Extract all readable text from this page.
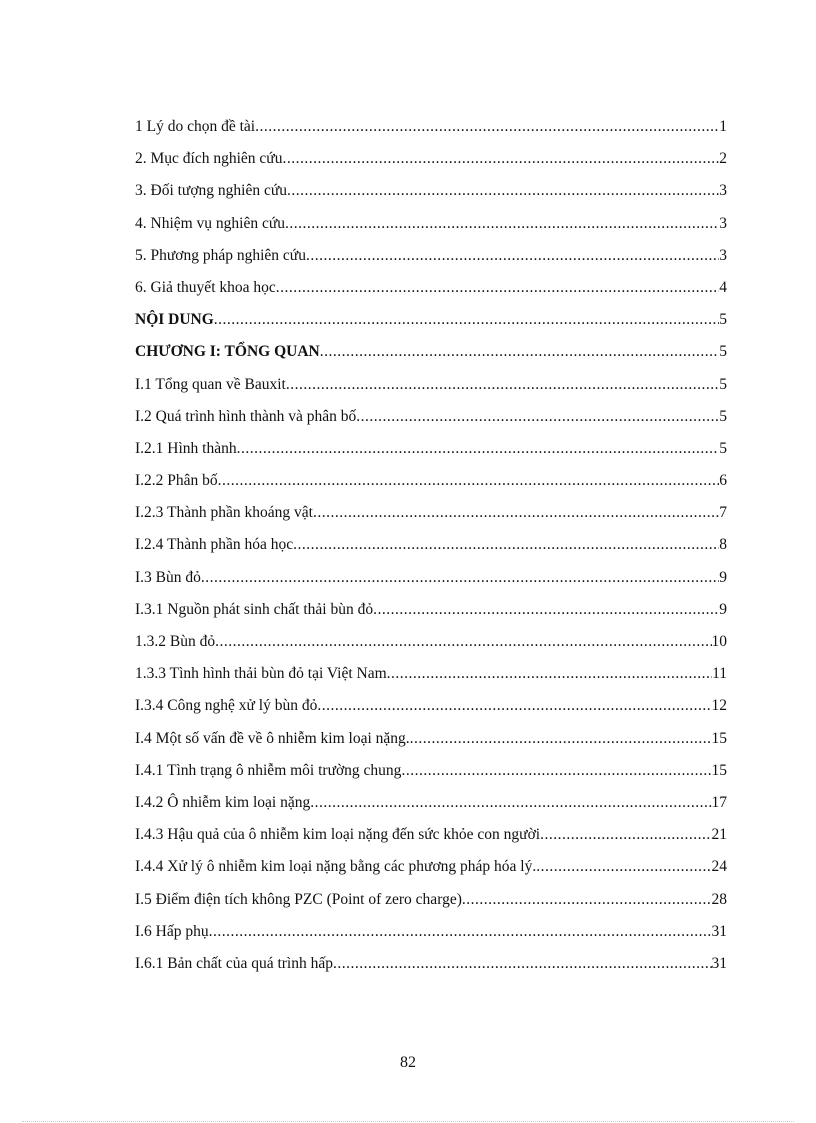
1 Lý do chọn đề tài .....	1
2. Mục đích nghiên cứu .....	2
3. Đối tượng nghiên cứu .....	3
4. Nhiệm vụ nghiên cứu .....	3
5. Phương pháp nghiên cứu .....	3
6. Giả thuyết khoa học .....	4
NỘI DUNG .....	5
CHƯƠNG I: TỔNG QUAN .....	5
I.1 Tổng quan về Bauxit .....	5
I.2 Quá trình hình thành và phân bố .....	5
I.2.1 Hình thành .....	5
I.2.2 Phân bố .....	6
I.2.3 Thành phần khoáng vật .....	7
I.2.4 Thành phần hóa học .....	8
I.3 Bùn đỏ .....	9
I.3.1 Nguồn phát sinh chất thải bùn đỏ .....	9
1.3.2 Bùn đỏ .....	10
1.3.3 Tình hình thải bùn đỏ tại Việt Nam .....	11
I.3.4 Công nghệ xử lý bùn đỏ .....	12
I.4 Một số vấn đề về ô nhiễm kim loại nặng. .....	15
I.4.1 Tình trạng ô nhiễm môi trường chung .....	15
I.4.2 Ô nhiễm kim loại nặng .....	17
I.4.3 Hậu quả của ô nhiễm kim loại nặng đến sức khỏe con người .....	21
I.4.4 Xử lý ô nhiễm kim loại nặng bằng các phương pháp hóa lý. .....	24
I.5 Điểm điện tích không PZC (Point of zero charge) .....	28
I.6 Hấp phụ .....	31
I.6.1 Bản chất của quá trình hấp .....	31
82
